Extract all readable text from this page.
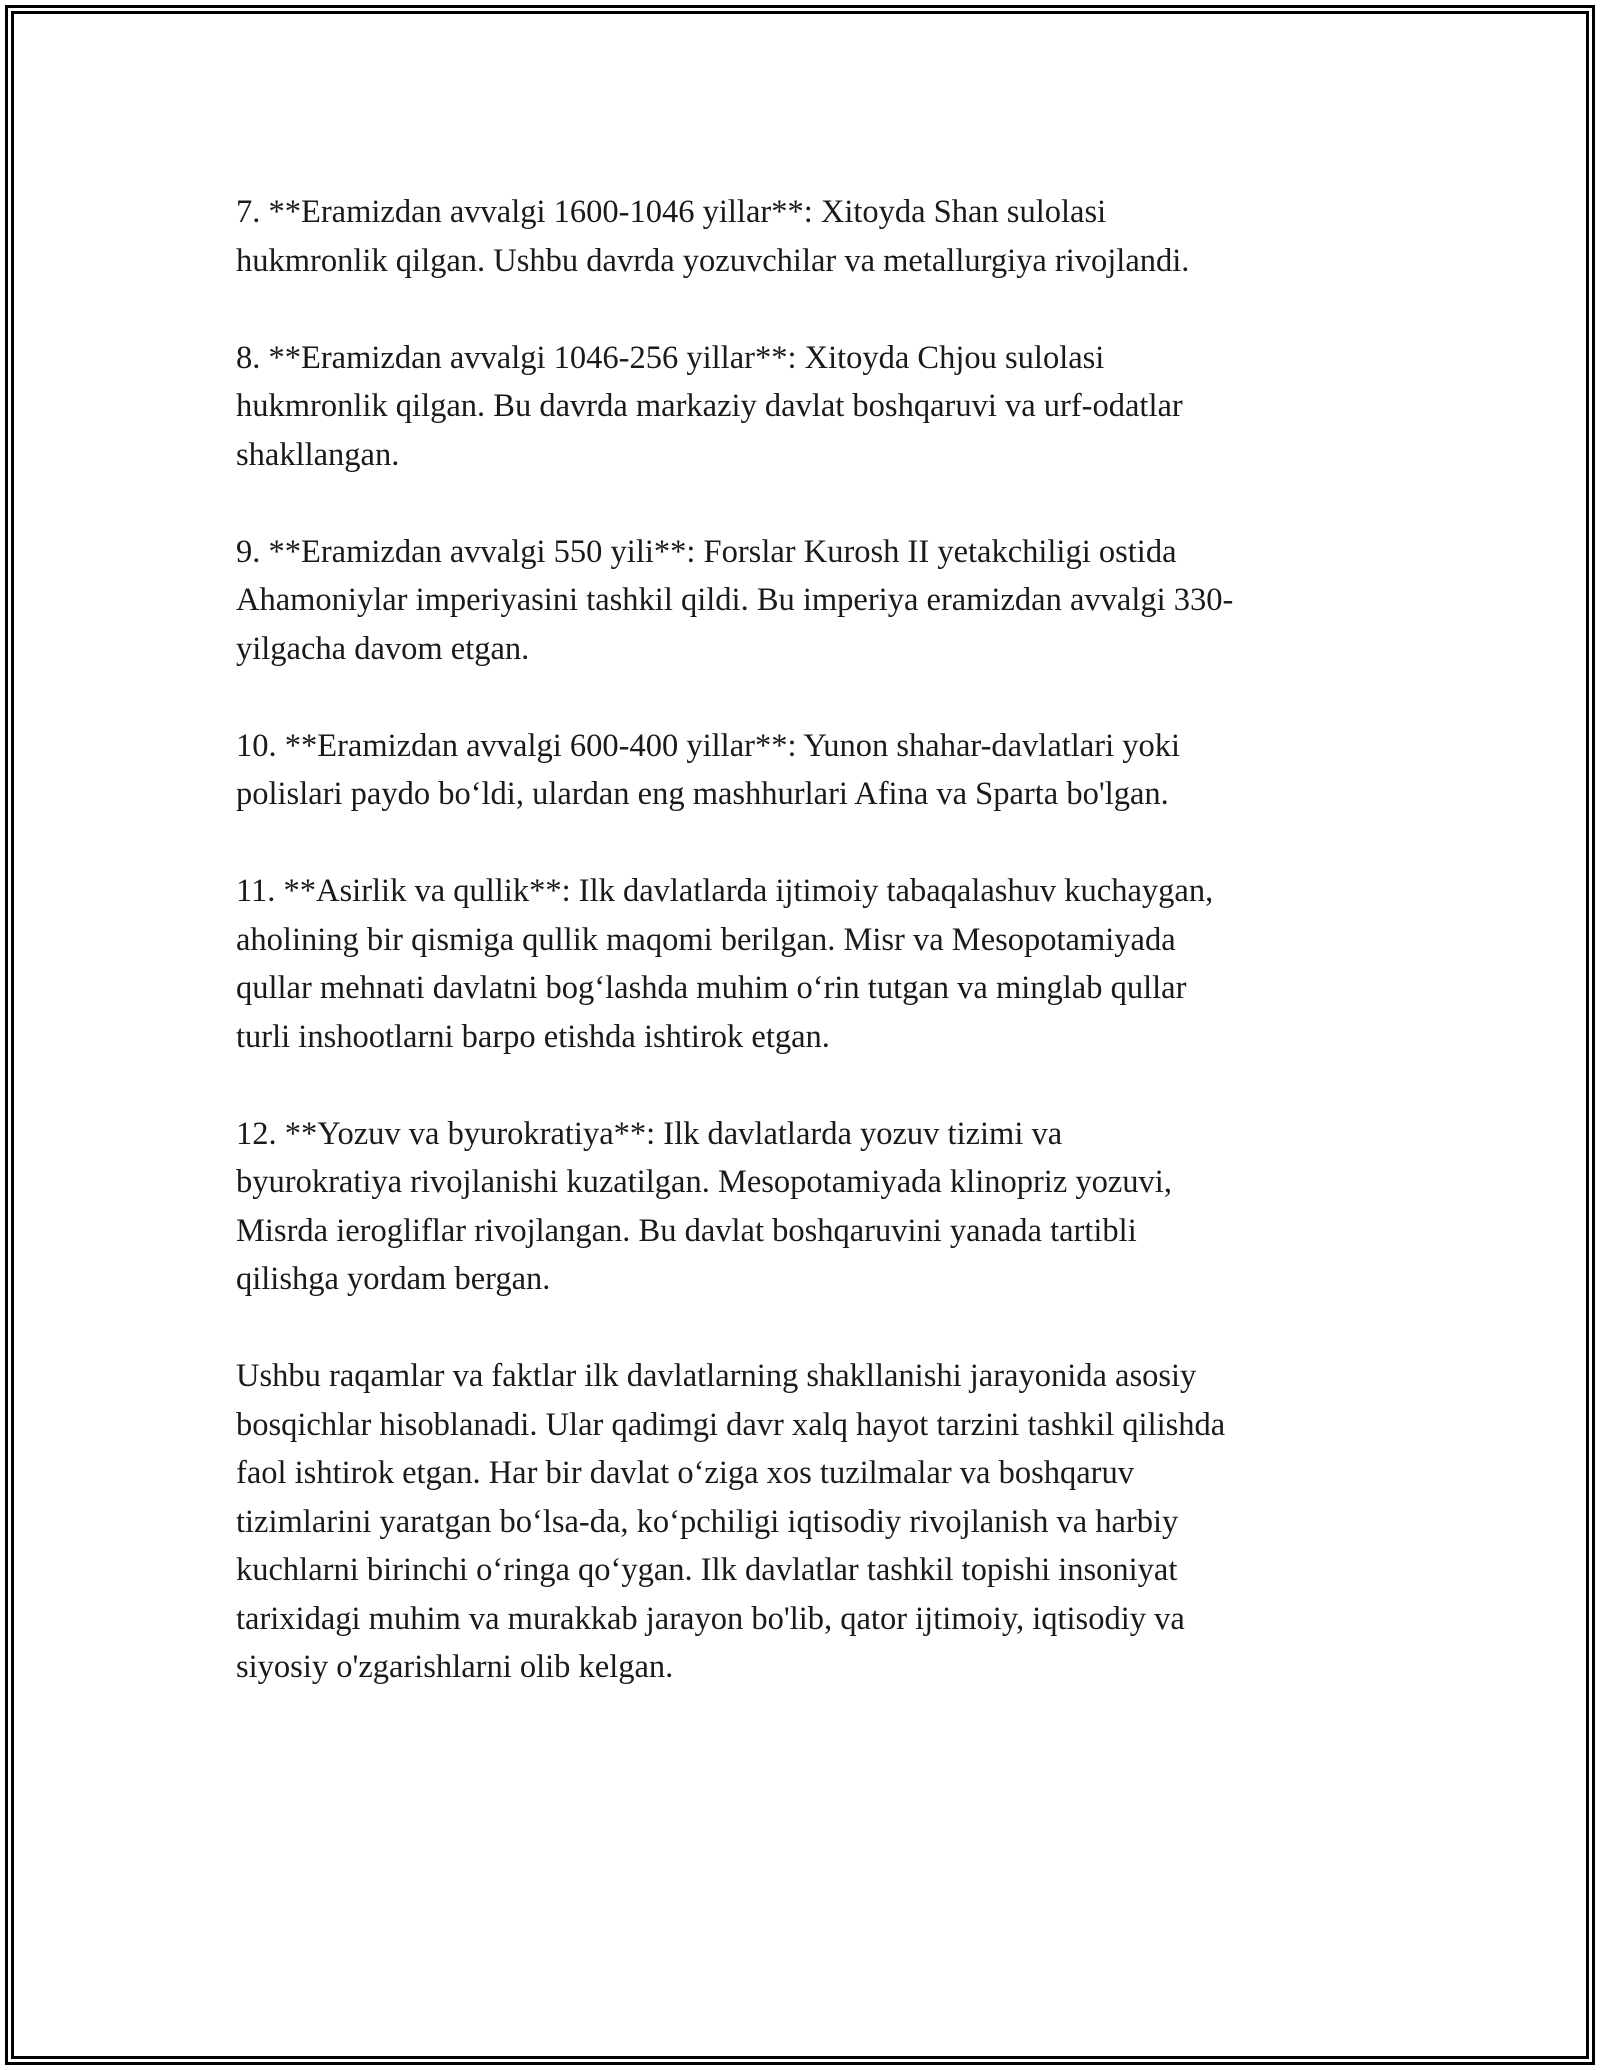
7. **Eramizdan avvalgi 1600-1046 yillar**: Xitoyda Shan sulolasi
hukmronlik qilgan. Ushbu davrda yozuvchilar va metallurgiya rivojlandi.

8. **Eramizdan avvalgi 1046-256 yillar**: Xitoyda Chjou sulolasi
hukmronlik qilgan. Bu davrda markaziy davlat boshqaruvi va urf-odatlar
shakllangan.

9. **Eramizdan avvalgi 550 yili**: Forslar Kurosh II yetakchiligi ostida
Ahamoniylar imperiyasini tashkil qildi. Bu imperiya eramizdan avvalgi 330-
yilgacha davom etgan.

10. **Eramizdan avvalgi 600-400 yillar**: Yunon shahar-davlatlari yoki
polislari paydo bo‘ldi, ulardan eng mashhurlari Afina va Sparta bo'lgan.

11. **Asirlik va qullik**: Ilk davlatlarda ijtimoiy tabaqalashuv kuchaygan,
aholining bir qismiga qullik maqomi berilgan. Misr va Mesopotamiyada
qullar mehnati davlatni bog‘lashda muhim o‘rin tutgan va minglab qullar
turli inshootlarni barpo etishda ishtirok etgan.

12. **Yozuv va byurokratiya**: Ilk davlatlarda yozuv tizimi va
byurokratiya rivojlanishi kuzatilgan. Mesopotamiyada klinopriz yozuvi,
Misrda ierogliflar rivojlangan. Bu davlat boshqaruvini yanada tartibli
qilishga yordam bergan.

Ushbu raqamlar va faktlar ilk davlatlarning shakllanishi jarayonida asosiy
bosqichlar hisoblanadi. Ular qadimgi davr xalq hayot tarzini tashkil qilishda
faol ishtirok etgan. Har bir davlat o‘ziga xos tuzilmalar va boshqaruv
tizimlarini yaratgan bo‘lsa-da, ko‘pchiligi iqtisodiy rivojlanish va harbiy
kuchlarni birinchi o‘ringa qo‘ygan. Ilk davlatlar tashkil topishi insoniyat
tarixidagi muhim va murakkab jarayon bo'lib, qator ijtimoiy, iqtisodiy va
siyosiy o'zgarishlarni olib kelgan.
